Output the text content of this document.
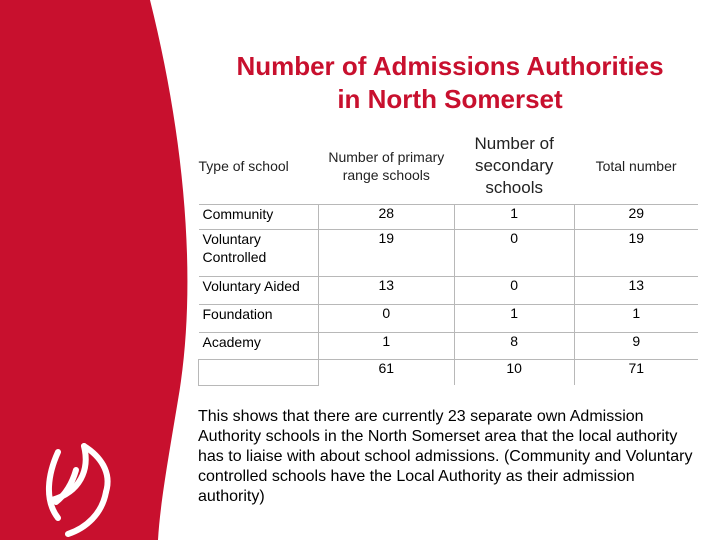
Number of Admissions Authorities
in North Somerset
Type of school	Number of primary range schools	Number of secondary schools	Total number
Community	28	1	29
Voluntary Controlled	19	0	19
Voluntary Aided	13	0	13
Foundation	0	1	1
Academy	1	8	9
	61	10	71
This shows that there are currently 23 separate own Admission Authority schools in the North Somerset area that the local authority has to liaise with about school admissions. (Community and Voluntary controlled schools have the Local Authority as their admission authority)
